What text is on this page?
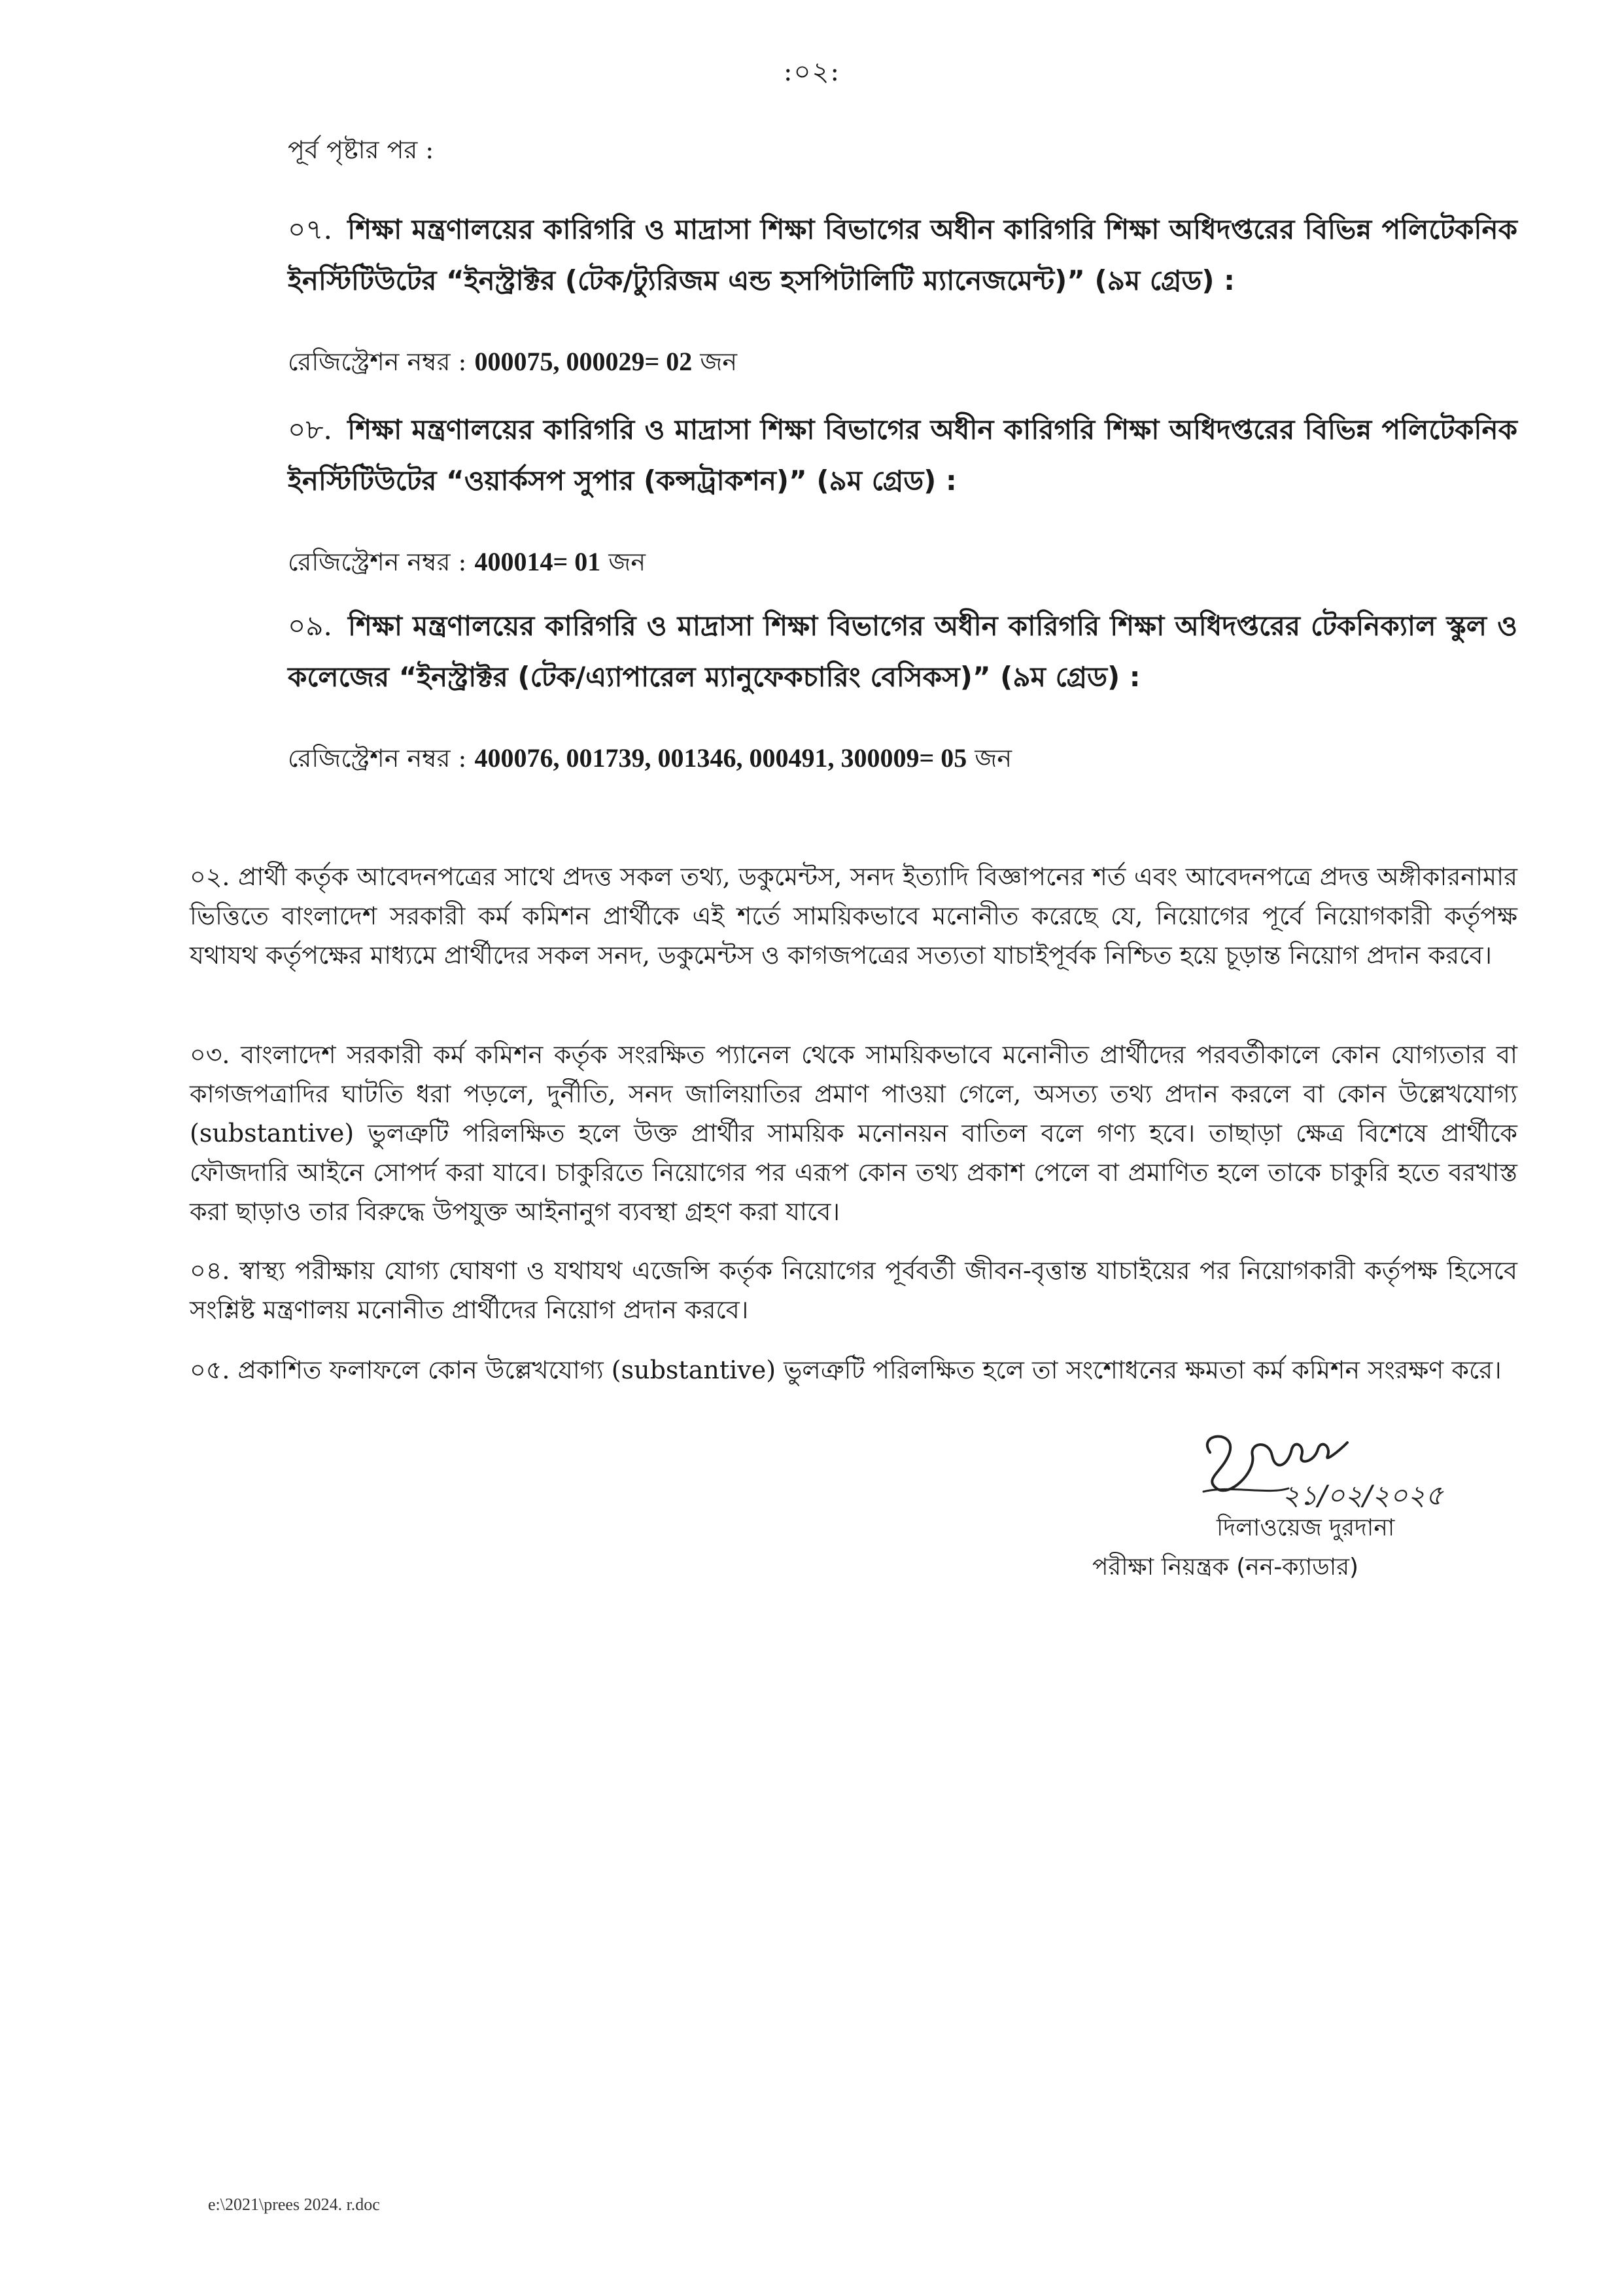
:০২:
পূর্ব পৃষ্টার পর :
০৭. শিক্ষা মন্ত্রণালয়ের কারিগরি ও মাদ্রাসা শিক্ষা বিভাগের অধীন কারিগরি শিক্ষা অধিদপ্তরের বিভিন্ন পলিটেকনিক ইনস্টিটিউটের “ইনস্ট্রাক্টর (টেক/ট্যুরিজম এন্ড হসপিটালিটি ম্যানেজমেন্ট)” (৯ম গ্রেড) :
রেজিস্ট্রেশন নম্বর : 000075, 000029= 02 জন
০৮. শিক্ষা মন্ত্রণালয়ের কারিগরি ও মাদ্রাসা শিক্ষা বিভাগের অধীন কারিগরি শিক্ষা অধিদপ্তরের বিভিন্ন পলিটেকনিক ইনস্টিটিউটের “ওয়ার্কসপ সুপার (কন্সট্রাকশন)” (৯ম গ্রেড) :
রেজিস্ট্রেশন নম্বর : 400014= 01 জন
০৯. শিক্ষা মন্ত্রণালয়ের কারিগরি ও মাদ্রাসা শিক্ষা বিভাগের অধীন কারিগরি শিক্ষা অধিদপ্তরের টেকনিক্যাল স্কুল ও কলেজের “ইনস্ট্রাক্টর (টেক/এ্যাপারেল ম্যানুফেকচারিং বেসিকস)” (৯ম গ্রেড) :
রেজিস্ট্রেশন নম্বর : 400076, 001739, 001346, 000491, 300009= 05 জন
০২. প্রার্থী কর্তৃক আবেদনপত্রের সাথে প্রদত্ত সকল তথ্য, ডকুমেন্টস, সনদ ইত্যাদি বিজ্ঞাপনের শর্ত এবং আবেদনপত্রে প্রদত্ত অঙ্গীকারনামার ভিত্তিতে বাংলাদেশ সরকারী কর্ম কমিশন প্রার্থীকে এই শর্তে সাময়িকভাবে মনোনীত করেছে যে, নিয়োগের পূর্বে নিয়োগকারী কর্তৃপক্ষ যথাযথ কর্তৃপক্ষের মাধ্যমে প্রার্থীদের সকল সনদ, ডকুমেন্টস ও কাগজপত্রের সত্যতা যাচাইপূর্বক নিশ্চিত হয়ে চূড়ান্ত নিয়োগ প্রদান করবে।
০৩. বাংলাদেশ সরকারী কর্ম কমিশন কর্তৃক সংরক্ষিত প্যানেল থেকে সাময়িকভাবে মনোনীত প্রার্থীদের পরবর্তীকালে কোন যোগ্যতার বা কাগজপত্রাদির ঘাটতি ধরা পড়লে, দুর্নীতি, সনদ জালিয়াতির প্রমাণ পাওয়া গেলে, অসত্য তথ্য প্রদান করলে বা কোন উল্লেখযোগ্য (substantive) ভুলত্রুটি পরিলক্ষিত হলে উক্ত প্রার্থীর সাময়িক মনোনয়ন বাতিল বলে গণ্য হবে। তাছাড়া ক্ষেত্র বিশেষে প্রার্থীকে ফৌজদারি আইনে সোপর্দ করা যাবে। চাকুরিতে নিয়োগের পর এরূপ কোন তথ্য প্রকাশ পেলে বা প্রমাণিত হলে তাকে চাকুরি হতে বরখাস্ত করা ছাড়াও তার বিরুদ্ধে উপযুক্ত আইনানুগ ব্যবস্থা গ্রহণ করা যাবে।
০৪. স্বাস্থ্য পরীক্ষায় যোগ্য ঘোষণা ও যথাযথ এজেন্সি কর্তৃক নিয়োগের পূর্ববর্তী জীবন-বৃত্তান্ত যাচাইয়ের পর নিয়োগকারী কর্তৃপক্ষ হিসেবে সংশ্লিষ্ট মন্ত্রণালয় মনোনীত প্রার্থীদের নিয়োগ প্রদান করবে।
০৫. প্রকাশিত ফলাফলে কোন উল্লেখযোগ্য (substantive) ভুলত্রুটি পরিলক্ষিত হলে তা সংশোধনের ক্ষমতা কর্ম কমিশন সংরক্ষণ করে।
২১/০২/২০২৫
দিলাওয়েজ দুরদানা
পরীক্ষা নিয়ন্ত্রক (নন-ক্যাডার)
e:\2021\prees 2024. r.doc
